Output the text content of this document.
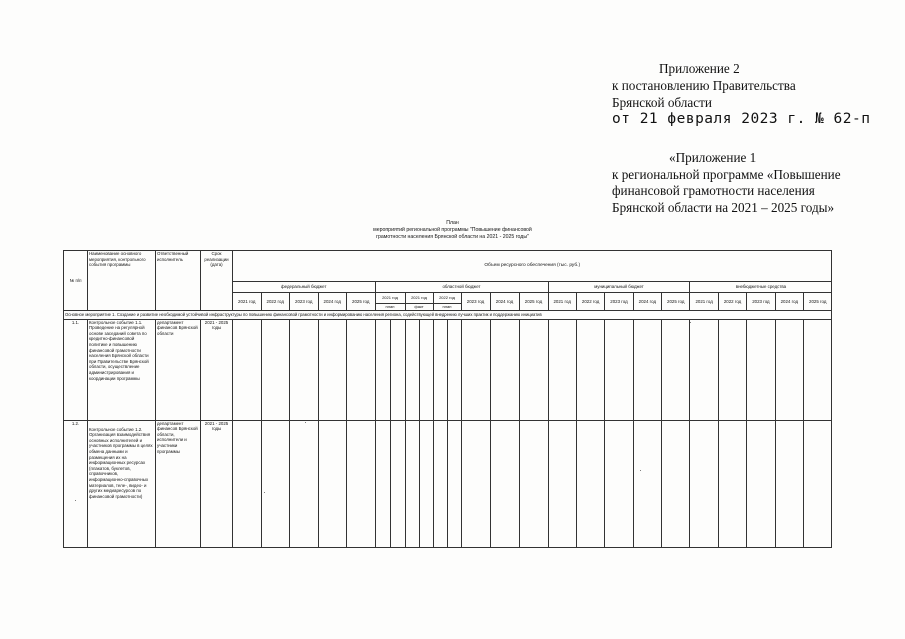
Приложение 2
к постановлению Правительства
Брянской области
от 21 февраля 2023 г. № 62-п
«Приложение 1
к региональной программе «Повышение
финансовой грамотности населения
Брянской области на 2021 – 2025 годы»
План
мероприятий региональной программы "Повышение финансовой
грамотности населения Брянской области на 2021 - 2025 годы"
№ п/п	Наименование основного мероприятия, контрольного события программы	Ответственный исполнитель	Срок реализации (дата)	Объем ресурсного обеспечения (тыс. руб.)																							
				федеральный бюджет					областной бюджет									муниципальный бюджет					внебюджетные средства				
				2021 год	2022 год	2023 год	2024 год	2025 год	2021 год		2021 год		2022 год		2023 год	2024 год	2025 год	2021 год	2022 год	2023 год	2024 год	2025 год	2021 год	2022 год	2023 год	2024 год	2025 год
									план		факт		план														
Основное мероприятие 1. Создание и развитие необходимой устойчивой инфраструктуры по повышению финансовой грамотности и информированию населения региона, содействующей внедрению лучших практик и поддержанию инициатив																											
1.1.	Контрольное событие 1.1. Проведение на регулярной основе заседаний совета по кредитно-финансовой политике и повышению финансовой грамотности населения Брянской области при Правительстве Брянской области, осуществление администрирования и координации программы	департамент финансов Брянской области	2021 - 2025 годы																								
1.2.	Контрольное событие 1.2. Организация взаимодействия основных исполнителей и участников программы в целях обмена данными и размещения их на информационных ресурсах (плакатов, буклетов, справочников, информационно-справочных материалов, теле-, видео- и других медиаресурсов по финансовой грамотности)	департамент финансов Брянской области, исполнители и участники программы	2021 - 2025 годы																								
